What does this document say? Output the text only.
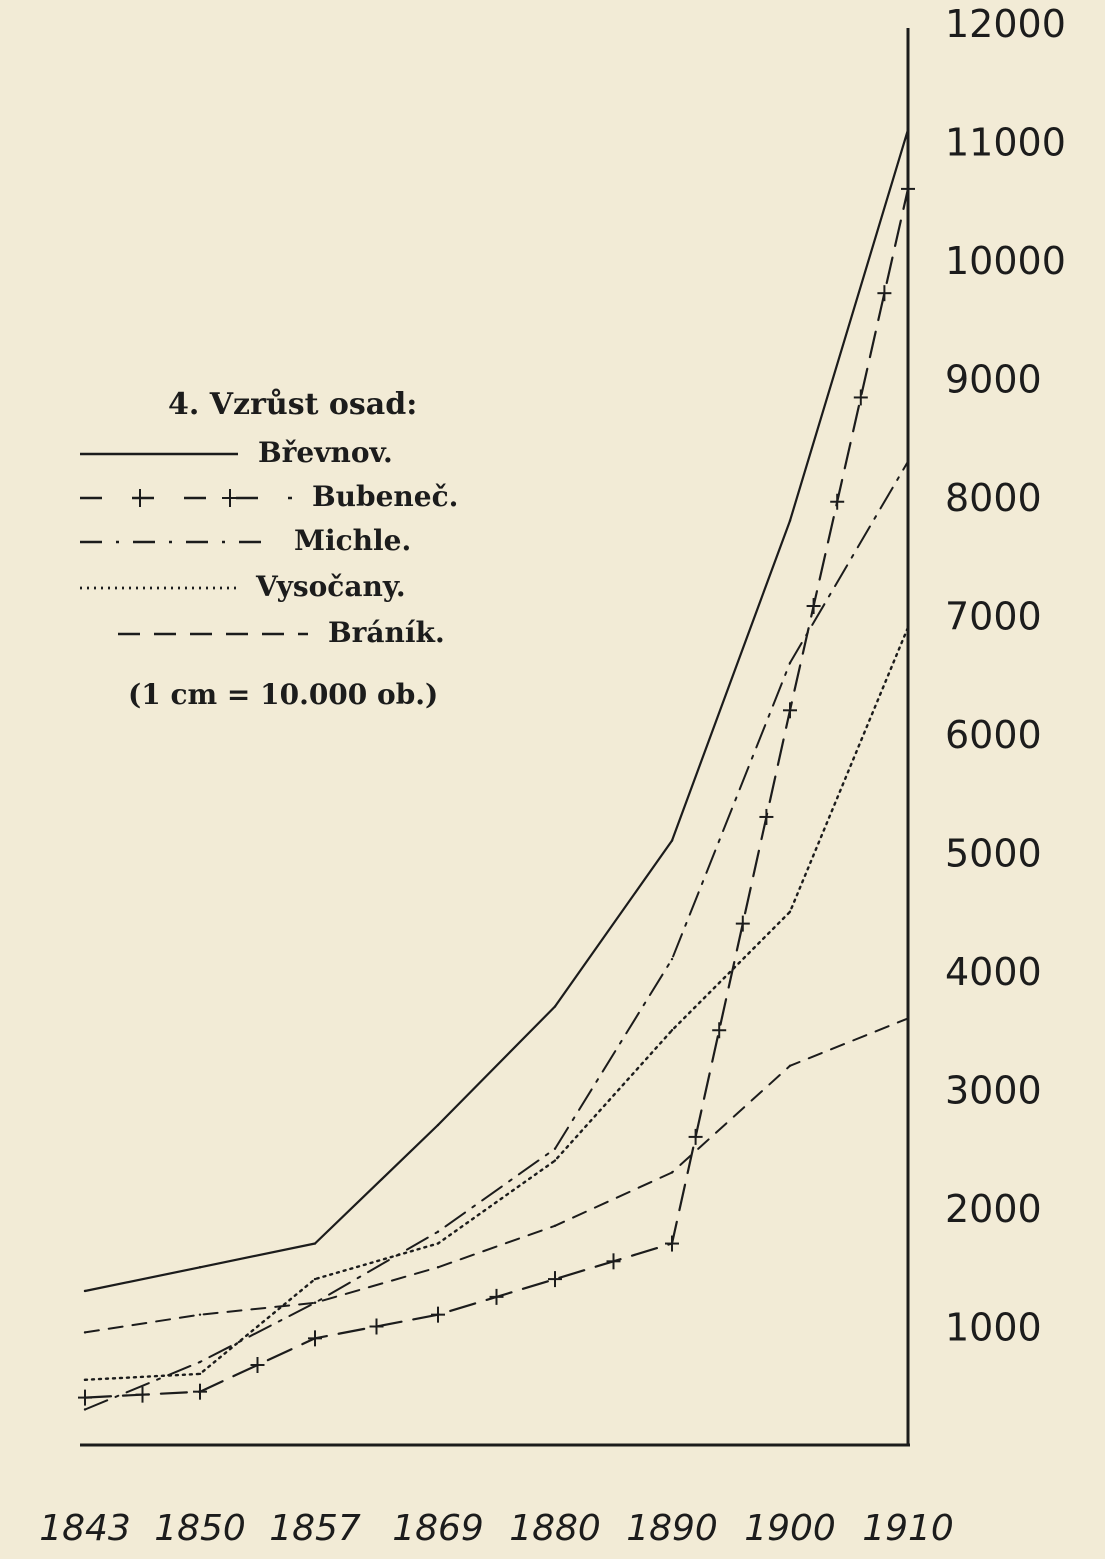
1000
2000
3000
4000
5000
6000
7000
8000
9000
10000
11000
12000
1843 1850 1857 1869 1880 1890 1900 1910
4. Vzrůst osad:
Břevnov.
Bubeneč.
Michle.
Vysočany.
Bráník.
(1 cm = 10.000 ob.)
